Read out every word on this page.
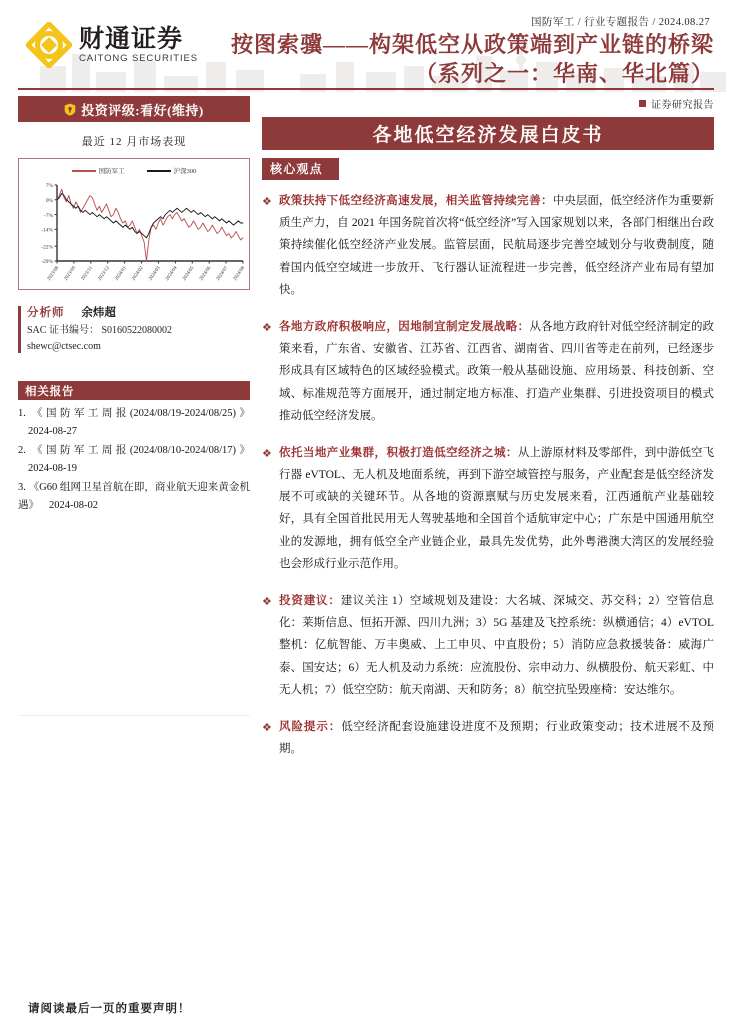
财通证券
CAITONG SECURITIES
国防军工 / 行业专题报告 / 2024.08.27
按图索骥——构架低空从政策端到产业链的桥梁
（系列之一：华南、华北篇）
投资评级:看好(维持)
最近 12 月市场表现
国防军工	沪深300
7%
0%
-7%
-14%
-22%
-29%
2023/08 2023/09 2023/11 2023/12 2024/01 2024/02 2024/03 2024/04 2024/05 2024/06 2024/07 2024/08
分析师 余炜超
SAC 证书编号： S0160522080002
shewc@ctsec.com
相关报告
1. 《国防军工周报(2024/08/19-2024/08/25)》2024-08-27
2. 《国防军工周报(2024/08/10-2024/08/17)》2024-08-19
3. 《G60 组网卫星首航在即，商业航天迎来黄金机遇》 2024-08-02
证券研究报告
各地低空经济发展白皮书
核心观点
❖ 政策扶持下低空经济高速发展，相关监管持续完善：中央层面，低空经济作为重要新质生产力，自 2021 年国务院首次将“低空经济”写入国家规划以来，各部门相继出台政策持续催化低空经济产业发展。监管层面，民航局逐步完善空域划分与收费制度，随着国内低空空域进一步放开、飞行器认证流程进一步完善，低空经济产业布局有望加快。
❖ 各地方政府积极响应，因地制宜制定发展战略：从各地方政府针对低空经济制定的政策来看，广东省、安徽省、江苏省、江西省、湖南省、四川省等走在前列，已经逐步形成具有区域特色的区域经验模式。政策一般从基础设施、应用场景、科技创新、空域、标准规范等方面展开，通过制定地方标准、打造产业集群、引进投资项目的模式推动低空经济发展。
❖ 依托当地产业集群，积极打造低空经济之城：从上游原材料及零部件，到中游低空飞行器 eVTOL、无人机及地面系统，再到下游空域管控与服务，产业配套是低空经济发展不可或缺的关键环节。从各地的资源禀赋与历史发展来看，江西通航产业基础较好，具有全国首批民用无人驾驶基地和全国首个适航审定中心；广东是中国通用航空业的发源地，拥有低空全产业链企业，最具先发优势，此外粤港澳大湾区的发展经验也会形成行业示范作用。
❖ 投资建议：建议关注 1）空域规划及建设：大名城、深城交、苏交科；2）空管信息化：莱斯信息、恒拓开源、四川九洲；3）5G 基建及飞控系统：纵横通信；4）eVTOL 整机：亿航智能、万丰奥威、上工申贝、中直股份；5）消防应急救援装备：威海广泰、国安达；6）无人机及动力系统：应流股份、宗申动力、纵横股份、航天彩虹、中无人机；7）低空空防：航天南湖、天和防务；8）航空抗坠毁座椅：安达维尔。
❖ 风险提示：低空经济配套设施建设进度不及预期；行业政策变动；技术进展不及预期。
请阅读最后一页的重要声明！
